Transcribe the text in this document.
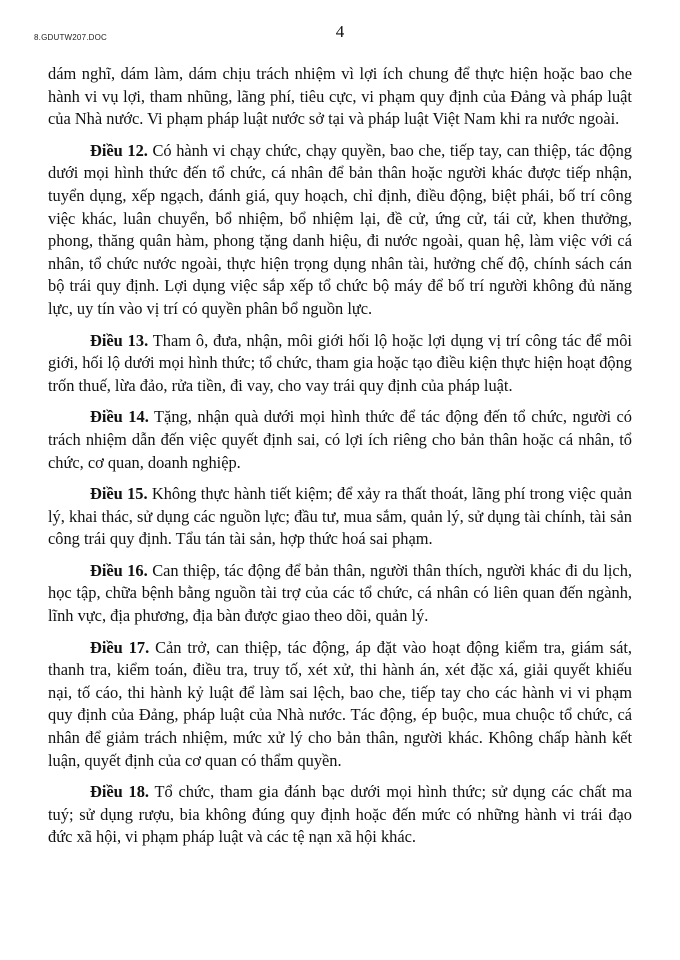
8.GDUTW207.DOC	4

dám nghĩ, dám làm, dám chịu trách nhiệm vì lợi ích chung để thực hiện hoặc bao che hành vi vụ lợi, tham nhũng, lãng phí, tiêu cực, vi phạm quy định của Đảng và pháp luật của Nhà nước. Vi phạm pháp luật nước sở tại và pháp luật Việt Nam khi ra nước ngoài.

Điều 12. Có hành vi chạy chức, chạy quyền, bao che, tiếp tay, can thiệp, tác động dưới mọi hình thức đến tổ chức, cá nhân để bản thân hoặc người khác được tiếp nhận, tuyển dụng, xếp ngạch, đánh giá, quy hoạch, chỉ định, điều động, biệt phái, bố trí công việc khác, luân chuyển, bổ nhiệm, bổ nhiệm lại, đề cử, ứng cử, tái cử, khen thưởng, phong, thăng quân hàm, phong tặng danh hiệu, đi nước ngoài, quan hệ, làm việc với cá nhân, tổ chức nước ngoài, thực hiện trọng dụng nhân tài, hưởng chế độ, chính sách cán bộ trái quy định. Lợi dụng việc sắp xếp tổ chức bộ máy để bố trí người không đủ năng lực, uy tín vào vị trí có quyền phân bổ nguồn lực.

Điều 13. Tham ô, đưa, nhận, môi giới hối lộ hoặc lợi dụng vị trí công tác để môi giới, hối lộ dưới mọi hình thức; tổ chức, tham gia hoặc tạo điều kiện thực hiện hoạt động trốn thuế, lừa đảo, rửa tiền, đi vay, cho vay trái quy định của pháp luật.

Điều 14. Tặng, nhận quà dưới mọi hình thức để tác động đến tổ chức, người có trách nhiệm dẫn đến việc quyết định sai, có lợi ích riêng cho bản thân hoặc cá nhân, tổ chức, cơ quan, doanh nghiệp.

Điều 15. Không thực hành tiết kiệm; để xảy ra thất thoát, lãng phí trong việc quản lý, khai thác, sử dụng các nguồn lực; đầu tư, mua sắm, quản lý, sử dụng tài chính, tài sản công trái quy định. Tẩu tán tài sản, hợp thức hoá sai phạm.

Điều 16. Can thiệp, tác động để bản thân, người thân thích, người khác đi du lịch, học tập, chữa bệnh bằng nguồn tài trợ của các tổ chức, cá nhân có liên quan đến ngành, lĩnh vực, địa phương, địa bàn được giao theo dõi, quản lý.

Điều 17. Cản trở, can thiệp, tác động, áp đặt vào hoạt động kiểm tra, giám sát, thanh tra, kiểm toán, điều tra, truy tố, xét xử, thi hành án, xét đặc xá, giải quyết khiếu nại, tố cáo, thi hành kỷ luật để làm sai lệch, bao che, tiếp tay cho các hành vi vi phạm quy định của Đảng, pháp luật của Nhà nước. Tác động, ép buộc, mua chuộc tổ chức, cá nhân để giảm trách nhiệm, mức xử lý cho bản thân, người khác. Không chấp hành kết luận, quyết định của cơ quan có thẩm quyền.

Điều 18. Tổ chức, tham gia đánh bạc dưới mọi hình thức; sử dụng các chất ma tuý; sử dụng rượu, bia không đúng quy định hoặc đến mức có những hành vi trái đạo đức xã hội, vi phạm pháp luật và các tệ nạn xã hội khác.
